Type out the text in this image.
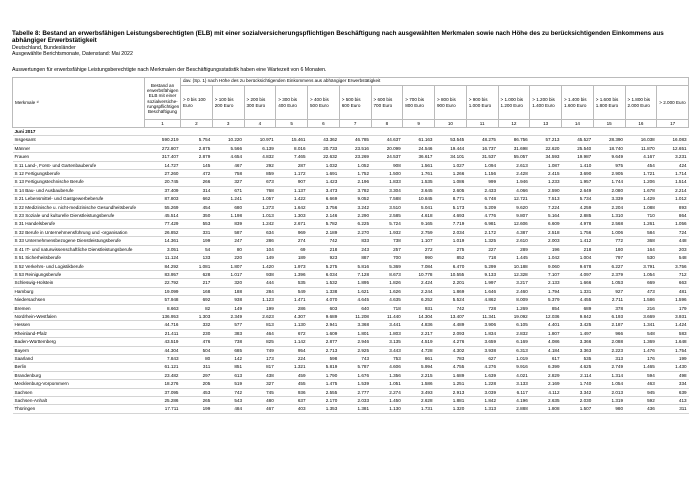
Tabelle 8: Bestand an erwerbsfähigen Leistungsberechtigten (ELB) mit einer sozialversicherungspflichtigen Beschäftigung nach ausgewählten Merkmalen sowie nach Höhe des zu berücksichtigenden Einkommens aus abhängiger Erwerbstätigkeit
Deutschland, Bundesländer
Ausgewählte Berichtsmonate, Datenstand: Mai 2022
Auswertungen für erwerbsfähige Leistungsberechtigte nach Merkmalen der Beschäftigungsstatistik haben eine Wartezeit von 6 Monaten.
Merkmale ¹⁾	Bestand an erwerbsfähigen ELB mit einer sozialversiche-rungspflichtigen Beschäftigung	dav. (Sp. 1) nach Höhe des zu berücksichtigenden Einkommens aus abhängiger Erwerbstätigkeit															
		> 0 bis 100 Euro	> 100 bis 200 Euro	> 200 bis 300 Euro	> 300 bis 400 Euro	> 400 bis 500 Euro	> 500 bis 600 Euro	> 600 bis 700 Euro	> 700 bis 800 Euro	> 800 bis 900 Euro	> 900 bis 1.000 Euro	> 1.000 bis 1.200 Euro	> 1.200 bis 1.400 Euro	> 1.400 bis 1.600 Euro	> 1.600 bis 1.800 Euro	> 1.800 bis 2.000 Euro	> 2.000 Euro
	1	2	3	4	5	6	7	8	9	10	11	12	13	14	15	16	17
Juni 2017																	
Insgesamt	590.219	5.754	10.220	10.971	15.461	43.362	46.785	44.637	61.163	53.545	48.275	86.756	57.213	45.527	28.390	16.038	16.083
Männer	272.807	2.875	5.566	6.139	8.016	20.733	23.516	20.099	24.546	19.444	16.737	31.698	22.620	25.540	18.740	11.870	12.651
Frauen	317.407	2.879	4.654	4.832	7.465	22.632	23.269	24.537	36.617	34.101	31.537	55.057	34.593	19.987	9.649	4.167	3.231
S 11 Land-, Forst- und Gartenbauberufe	14.727	145	467	292	287	1.032	1.052	908	1.561	1.027	1.094	2.613	1.087	1.410	975	454	424
S 12 Fertigungsberufe	27.260	472	758	859	1.172	1.691	1.752	1.500	1.761	1.266	1.156	2.428	2.415	3.690	2.905	1.721	1.714
S 13 Fertigungstechnische Berufe	20.745	266	327	673	907	1.423	2.196	1.833	1.535	1.086	999	1.946	1.233	1.957	1.744	1.206	1.514
S 14 Bau- und Ausbauberufe	37.409	314	671	768	1.137	3.473	3.782	3.304	3.645	2.605	2.433	4.066	2.590	2.649	2.080	1.678	2.214
S 21 Lebensmittel- und Gastgewerbeberufe	87.803	662	1.241	1.057	1.422	6.669	9.052	7.588	10.845	8.771	6.748	12.721	7.513	5.734	3.339	1.429	1.012
S 22 Medizinische u. nicht-medizinische Gesundheitsberufe	55.269	454	680	1.273	1.642	3.756	3.242	3.510	5.041	5.173	5.209	9.620	7.224	4.259	2.204	1.088	893
S 23 Soziale und kulturelle Dienstleistungsberufe	45.514	350	1.198	1.013	1.303	2.146	2.290	2.585	4.618	4.693	4.776	9.807	5.164	2.885	1.310	710	864
S 31 Handelsberufe	77.429	553	839	1.242	2.671	5.782	6.225	5.724	9.165	7.719	6.981	12.606	6.609	4.978	2.568	1.261	1.056
S 32 Berufe in Unternehmensführung und -organisation	26.852	331	587	634	969	2.189	2.270	1.932	2.759	2.034	2.172	4.387	2.518	1.756	1.006	584	724
S 33 Unternehmensbezogene Dienstleistungsberufe	14.361	199	247	286	274	742	833	738	1.107	1.019	1.325	2.610	2.003	1.412	772	368	448
S 41 IT- und naturwissenschaftliche Dienstleistungsberufe	3.051	54	80	104	69	218	243	257	272	275	227	289	196	218	180	164	203
S 51 Sicherheitsberufe	11.124	133	220	149	189	923	887	700	990	852	718	1.445	1.042	1.004	797	530	548
S 52 Verkehrs- und Logistikberufe	84.292	1.081	1.807	1.420	1.973	5.275	5.816	5.369	7.084	6.470	5.299	10.188	9.060	9.678	6.227	3.791	3.756
S 53 Reinigungsberufe	83.957	628	1.017	938	1.396	6.034	7.128	8.673	10.778	10.555	9.133	12.328	7.107	4.097	2.379	1.054	712
Schleswig-Holstein	22.792	217	320	444	535	1.532	1.895	1.826	2.424	2.201	1.997	3.217	2.133	1.666	1.053	669	663
Hamburg	19.099	168	188	284	549	1.338	1.621	1.626	2.244	1.869	1.646	2.460	1.794	1.331	927	473	481
Niedersachsen	57.948	692	938	1.123	1.471	4.070	4.645	4.635	6.252	5.524	4.862	8.009	5.379	4.455	2.711	1.586	1.596
Bremen	8.663	82	149	199	286	603	640	718	931	742	728	1.269	854	689	378	216	179
Nordrhein-Westfalen	136.953	1.303	2.349	2.623	4.307	9.689	11.208	11.440	14.304	13.407	11.341	19.092	12.036	9.842	6.193	3.669	3.931
Hessen	44.716	332	577	813	1.130	2.941	3.368	3.441	4.836	4.489	3.906	6.105	4.401	3.425	2.187	1.341	1.424
Rheinland-Pfalz	21.411	230	383	464	672	1.609	1.801	1.803	2.217	2.093	1.834	2.832	1.807	1.497	966	548	583
Baden-Württemberg	43.519	476	738	825	1.142	2.877	2.946	3.135	4.519	4.276	3.659	6.169	4.086	3.366	2.088	1.369	1.648
Bayern	44.304	504	685	749	954	2.713	2.925	3.443	4.728	4.302	3.938	6.313	4.184	3.363	2.223	1.476	1.754
Saarland	7.843	80	142	173	224	598	743	753	861	783	627	1.019	617	535	313	176	199
Berlin	61.121	311	851	817	1.321	5.819	5.787	4.606	5.994	4.755	4.276	9.916	6.399	4.625	2.749	1.465	1.430
Brandenburg	23.482	297	613	438	459	1.790	1.676	1.356	2.215	1.689	1.639	4.021	2.829	2.114	1.314	594	498
Mecklenburg-Vorpommern	18.276	205	519	327	455	1.475	1.539	1.051	1.586	1.251	1.228	3.133	2.169	1.740	1.054	463	334
Sachsen	37.095	453	742	745	936	2.555	2.777	2.274	3.493	2.913	3.039	6.117	4.112	3.342	2.013	945	639
Sachsen-Anhalt	25.286	265	543	480	637	2.170	2.033	1.450	2.628	1.881	1.842	4.196	2.635	2.030	1.319	592	413
Thüringen	17.711	199	484	467	403	1.353	1.381	1.130	1.731	1.320	1.313	2.888	1.808	1.507	980	436	311
